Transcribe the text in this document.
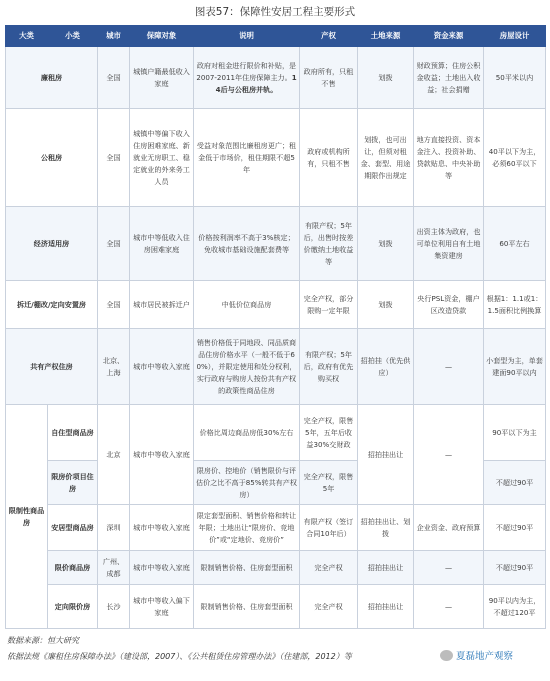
图表57：保障性安居工程主要形式
大类	小类	城市	保障对象	说明	产权	土地来源	资金来源	房屋设计
廉租房		全国	城镇户籍最低收入家庭	政府对租金进行限价和补贴，是2007-2011年住房保障主力。14后与公租房并轨。	政府所有，只租不售	划拨	财政预算；住房公积金收益；土地出入收益；社会捐赠	50平米以内
公租房		全国	城镇中等偏下收入住房困难家庭、新就业无房职工、稳定就业的外来务工人员	受益对象范围比廉租房更广；租金低于市场价，租住期限不超5年	政府或机构所有，只租不售	划拨，也可出让，但须对租金、套型、用途期限作出规定	地方直接投资、资本金注入、投资补助、贷款贴息、中央补助等	40平以下为主，必须60平以下
经济适用房		全国	城市中等低收入住房困难家庭	价格按利润率不高于3%核定；免收城市基础设施配套费等	有限产权；5年后，出售时按差价缴纳土地收益等	划拨	出资主体为政府，也可单位利用自有土地集资建房	60平左右
拆迁/棚改/定向安置房		全国	城市居民被拆迁户	中低价位商品房	完全产权，部分限购一定年限	划拨	央行PSL资金，棚户区改造贷款	根据1：1.1或1：1.5面积比例换算
共有产权住房		北京、上海	城市中等收入家庭	销售价格低于同地段、同品质商品住房价格水平（一般不低于60%），并限定使用和处分权利，实行政府与购房人按份共有产权的政策性商品住房	有限产权；5年后，政府有优先购买权	招拍挂（优先供应）	—	小套型为主，单套建面90平以内
限制性商品房	自住型商品房	北京	城市中等收入家庭	价格比周边商品房低30%左右	完全产权，限售5年，五年后收益30%交财政	招拍挂出让	—	90平以下为主
	限房价项目住房			限房价、控地价（销售限价与评估价之比不高于85%转共有产权房）	完全产权，限售5年			不超过90平
	安居型商品房	深圳	城市中等收入家庭	限定套型面积、销售价格和转让年限；土地出让“限房价、竞地价”或“定地价、竞房价”	有限产权（签订合同10年后）	招拍挂出让、划拨	企业资金、政府预算	不超过90平
	限价商品房	广州、成都	城市中等收入家庭	限制销售价格、住房套型面积	完全产权	招拍挂出让	—	不超过90平
	定向限价房	长沙	城市中等收入偏下家庭	限制销售价格、住房套型面积	完全产权	招拍挂出让	—	90平以内为主，不超过120平
数据来源：恒大研究
依据法规《廉租住房保障办法》（建设部，2007）、《公共租赁住房管理办法》（住建部，2012）等	夏磊地产观察
